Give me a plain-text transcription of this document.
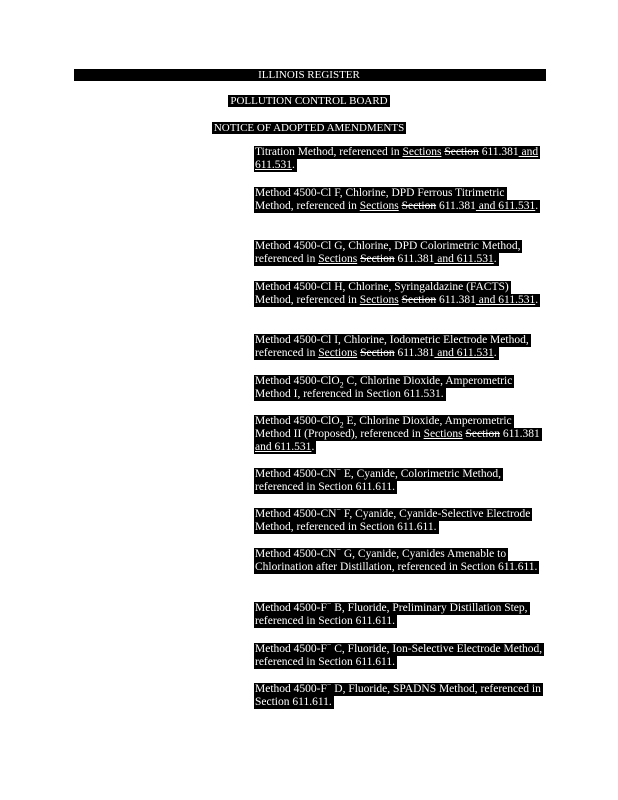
ILLINOIS REGISTER
POLLUTION CONTROL BOARD
NOTICE OF ADOPTED AMENDMENTS
Titration Method, referenced in Sections Section 611.381 and 611.531.
Method 4500-Cl F, Chlorine, DPD Ferrous Titrimetric Method, referenced in Sections Section 611.381 and 611.531.
Method 4500-Cl G, Chlorine, DPD Colorimetric Method, referenced in Sections Section 611.381 and 611.531.
Method 4500-Cl H, Chlorine, Syringaldazine (FACTS) Method, referenced in Sections Section 611.381 and 611.531.
Method 4500-Cl I, Chlorine, Iodometric Electrode Method, referenced in Sections Section 611.381 and 611.531.
Method 4500-ClO$_2$ C, Chlorine Dioxide, Amperometric Method I, referenced in Section 611.531.
Method 4500-ClO$_2$ E, Chlorine Dioxide, Amperometric Method II (Proposed), referenced in Sections Section 611.381 and 611.531.
Method 4500-CN− E, Cyanide, Colorimetric Method, referenced in Section 611.611.
Method 4500-CN− F, Cyanide, Cyanide-Selective Electrode Method, referenced in Section 611.611.
Method 4500-CN− G, Cyanide, Cyanides Amenable to Chlorination after Distillation, referenced in Section 611.611.
Method 4500-F− B, Fluoride, Preliminary Distillation Step, referenced in Section 611.611.
Method 4500-F− C, Fluoride, Ion-Selective Electrode Method, referenced in Section 611.611.
Method 4500-F− D, Fluoride, SPADNS Method, referenced in Section 611.611.
